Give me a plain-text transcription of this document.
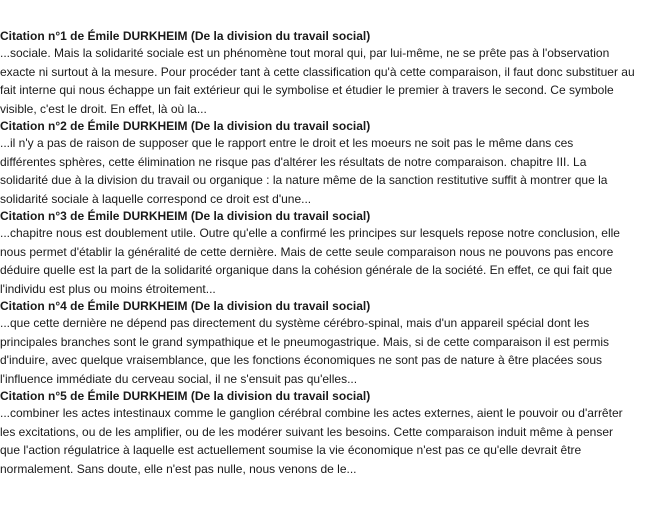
Citation n°1 de Émile DURKHEIM (De la division du travail social)
...sociale. Mais la solidarité sociale est un phénomène tout moral qui, par lui-même, ne se prête pas à l'observation
exacte ni surtout à la mesure. Pour procéder tant à cette classification qu'à cette comparaison, il faut donc substituer au
fait interne qui nous échappe un fait extérieur qui le symbolise et étudier le premier à travers le second. Ce symbole
visible, c'est le droit. En effet, là où la...
Citation n°2 de Émile DURKHEIM (De la division du travail social)
...il n'y a pas de raison de supposer que le rapport entre le droit et les moeurs ne soit pas le même dans ces
différentes sphères, cette élimination ne risque pas d'altérer les résultats de notre comparaison. chapitre III. La
solidarité due à la division du travail ou organique : la nature même de la sanction restitutive suffit à montrer que la
solidarité sociale à laquelle correspond ce droit est d'une...
Citation n°3 de Émile DURKHEIM (De la division du travail social)
...chapitre nous est doublement utile. Outre qu'elle a confirmé les principes sur lesquels repose notre conclusion, elle
nous permet d'établir la généralité de cette dernière. Mais de cette seule comparaison nous ne pouvons pas encore
déduire quelle est la part de la solidarité organique dans la cohésion générale de la société. En effet, ce qui fait que
l'individu est plus ou moins étroitement...
Citation n°4 de Émile DURKHEIM (De la division du travail social)
...que cette dernière ne dépend pas directement du système cérébro-spinal, mais d'un appareil spécial dont les
principales branches sont le grand sympathique et le pneumogastrique. Mais, si de cette comparaison il est permis
d'induire, avec quelque vraisemblance, que les fonctions économiques ne sont pas de nature à être placées sous
l'influence immédiate du cerveau social, il ne s'ensuit pas qu'elles...
Citation n°5 de Émile DURKHEIM (De la division du travail social)
...combiner les actes intestinaux comme le ganglion cérébral combine les actes externes, aient le pouvoir ou d'arrêter
les excitations, ou de les amplifier, ou de les modérer suivant les besoins. Cette comparaison induit même à penser
que l'action régulatrice à laquelle est actuellement soumise la vie économique n'est pas ce qu'elle devrait être
normalement. Sans doute, elle n'est pas nulle, nous venons de le...
